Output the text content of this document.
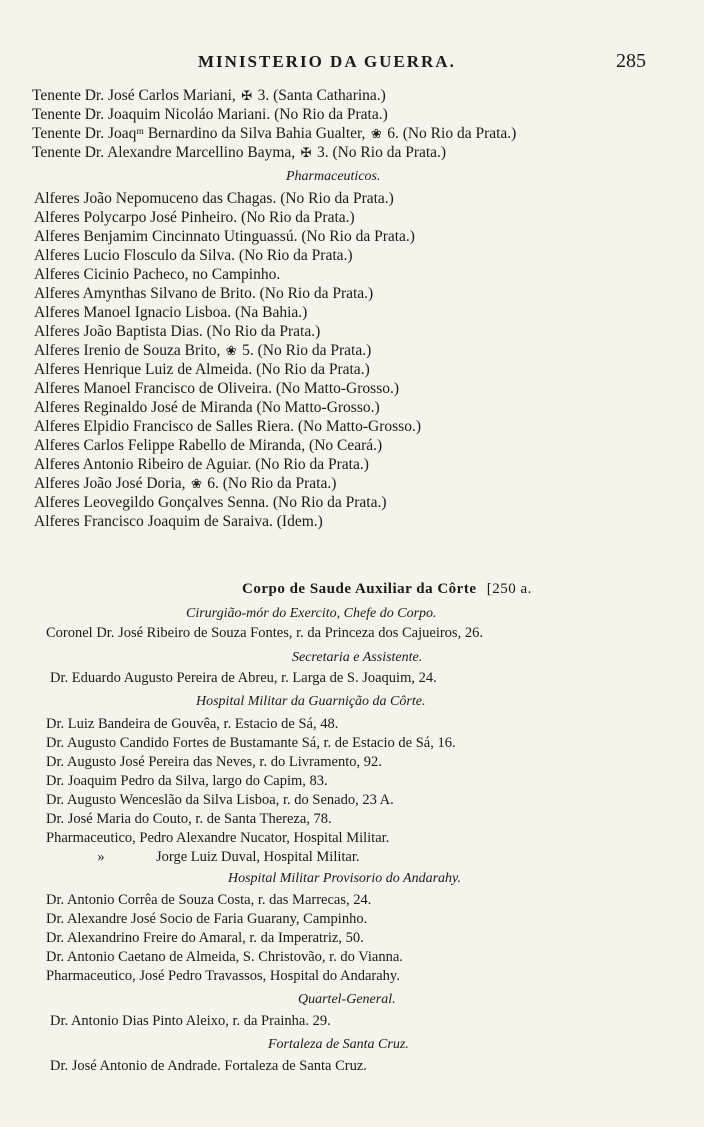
MINISTERIO DA GUERRA.	285
Tenente Dr. José Carlos Mariani, ✠ 3. (Santa Catharina.)
Tenente Dr. Joaquim Nicoláo Mariani. (No Rio da Prata.)
Tenente Dr. Joaqᵐ Bernardino da Silva Bahia Gualter, ❀ 6. (No Rio da Prata.)
Tenente Dr. Alexandre Marcellino Bayma, ✠ 3. (No Rio da Prata.)
Pharmaceuticos.
Alferes João Nepomuceno das Chagas. (No Rio da Prata.)
Alferes Polycarpo José Pinheiro. (No Rio da Prata.)
Alferes Benjamim Cincinnato Utinguassú. (No Rio da Prata.)
Alferes Lucio Flosculo da Silva. (No Rio da Prata.)
Alferes Cicinio Pacheco, no Campinho.
Alferes Amynthas Silvano de Brito. (No Rio da Prata.)
Alferes Manoel Ignacio Lisboa. (Na Bahia.)
Alferes João Baptista Dias. (No Rio da Prata.)
Alferes Irenio de Souza Brito, ❀ 5. (No Rio da Prata.)
Alferes Henrique Luiz de Almeida. (No Rio da Prata.)
Alferes Manoel Francisco de Oliveira. (No Matto-Grosso.)
Alferes Reginaldo José de Miranda (No Matto-Grosso.)
Alferes Elpidio Francisco de Salles Riera. (No Matto-Grosso.)
Alferes Carlos Felippe Rabello de Miranda, (No Ceará.)
Alferes Antonio Ribeiro de Aguiar. (No Rio da Prata.)
Alferes João José Doria, ❀ 6. (No Rio da Prata.)
Alferes Leovegildo Gonçalves Senna. (No Rio da Prata.)
Alferes Francisco Joaquim de Saraiva. (Idem.)
Corpo de Saude Auxiliar da Côrte [250 a.
Cirurgião-mór do Exercito, Chefe do Corpo.
Coronel Dr. José Ribeiro de Souza Fontes, r. da Princeza dos Cajueiros, 26.
Secretaria e Assistente.
Dr. Eduardo Augusto Pereira de Abreu, r. Larga de S. Joaquim, 24.
Hospital Militar da Guarnição da Côrte.
Dr. Luiz Bandeira de Gouvêa, r. Estacio de Sá, 48.
Dr. Augusto Candido Fortes de Bustamante Sá, r. de Estacio de Sá, 16.
Dr. Augusto José Pereira das Neves, r. do Livramento, 92.
Dr. Joaquim Pedro da Silva, largo do Capim, 83.
Dr. Augusto Wenceslão da Silva Lisboa, r. do Senado, 23 A.
Dr. José Maria do Couto, r. de Santa Thereza, 78.
Pharmaceutico, Pedro Alexandre Nucator, Hospital Militar.
»	Jorge Luiz Duval, Hospital Militar.
Hospital Militar Provisorio do Andarahy.
Dr. Antonio Corrêa de Souza Costa, r. das Marrecas, 24.
Dr. Alexandre José Socio de Faria Guarany, Campinho.
Dr. Alexandrino Freire do Amaral, r. da Imperatriz, 50.
Dr. Antonio Caetano de Almeida, S. Christovão, r. do Vianna.
Pharmaceutico, José Pedro Travassos, Hospital do Andarahy.
Quartel-General.
Dr. Antonio Dias Pinto Aleixo, r. da Prainha. 29.
Fortaleza de Santa Cruz.
Dr. José Antonio de Andrade. Fortaleza de Santa Cruz.
